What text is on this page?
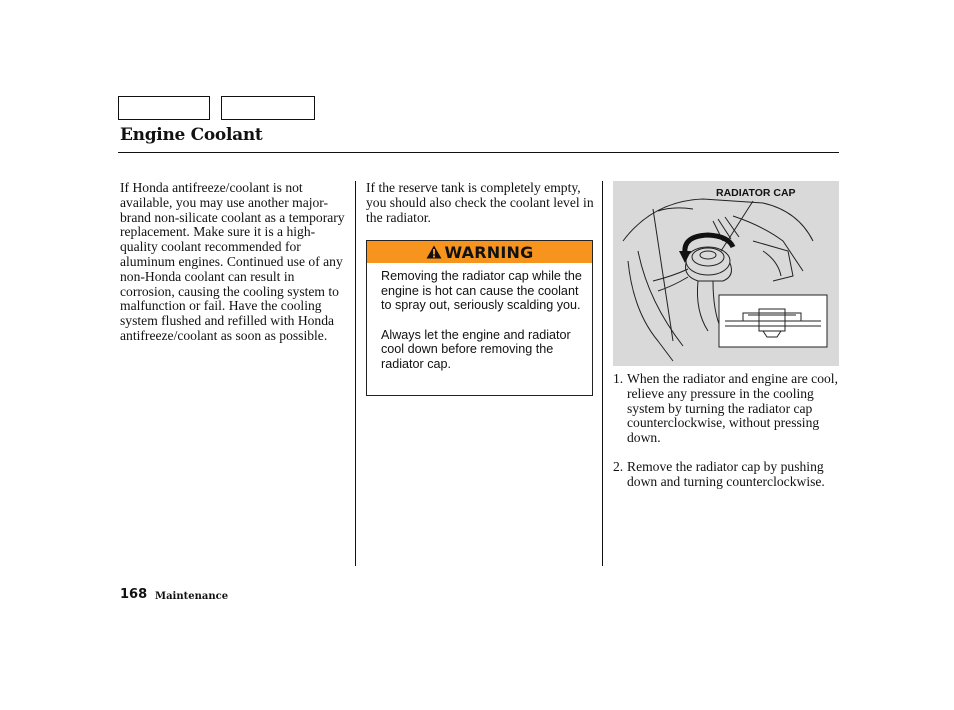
Engine Coolant
If Honda antifreeze/coolant is not available, you may use another major-brand non-silicate coolant as a temporary replacement. Make sure it is a high-quality coolant recommended for aluminum engines. Continued use of any non-Honda coolant can result in corrosion, causing the cooling system to malfunction or fail. Have the cooling system flushed and refilled with Honda antifreeze/coolant as soon as possible.
If the reserve tank is completely empty, you should also check the coolant level in the radiator.
WARNING

Removing the radiator cap while the engine is hot can cause the coolant to spray out, seriously scalding you.

Always let the engine and radiator cool down before removing the radiator cap.

RADIATOR CAP
1. When the radiator and engine are cool, relieve any pressure in the cooling system by turning the radiator cap counterclockwise, without pressing down.
2. Remove the radiator cap by pushing down and turning counterclockwise.
168 Maintenance
